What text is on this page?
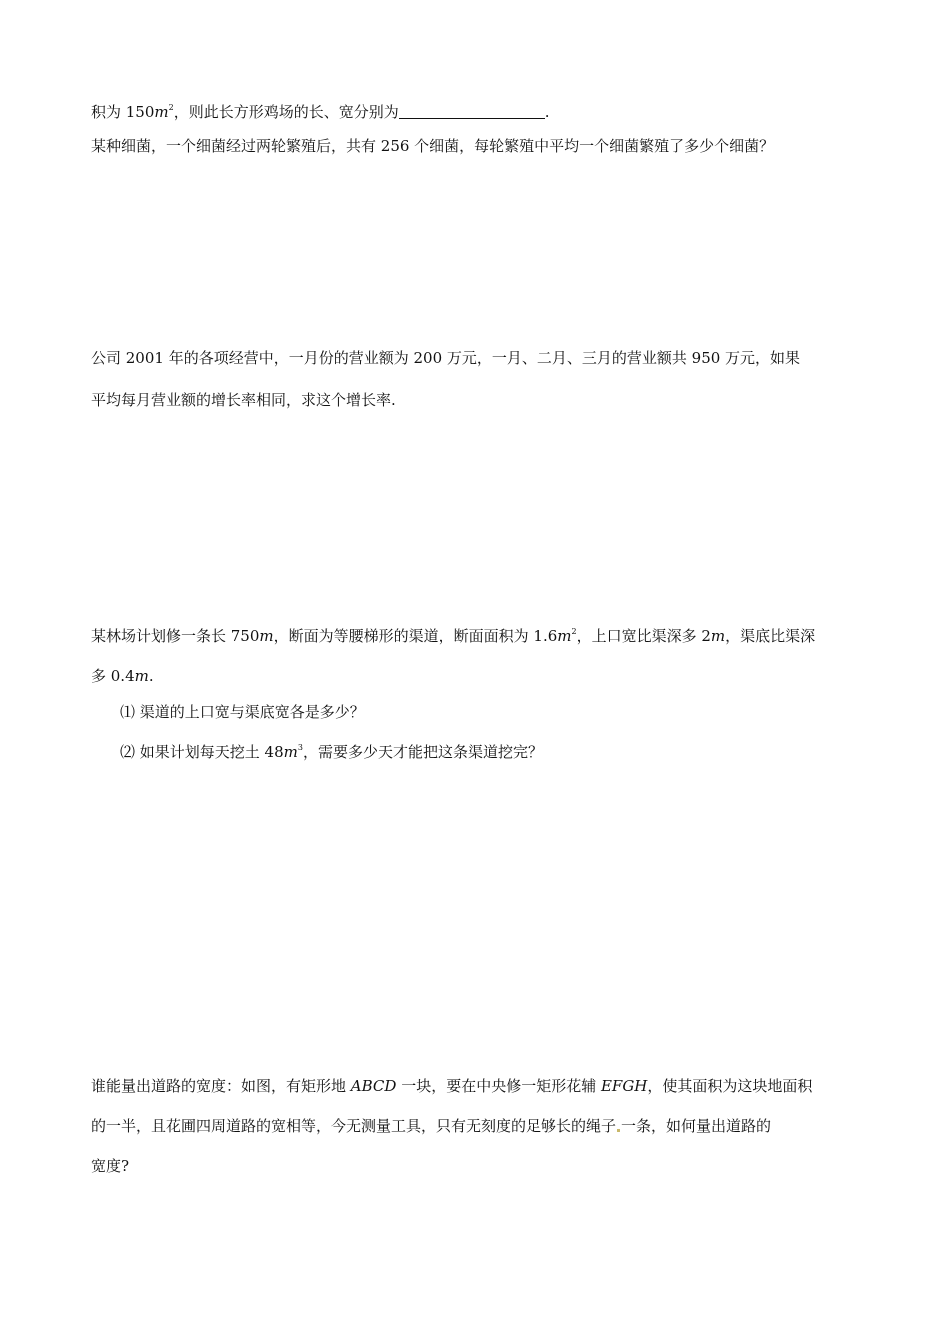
积为 $150m^2$，则此长方形鸡场的长、宽分别为	.
某种细菌，一个细菌经过两轮繁殖后，共有 256 个细菌，每轮繁殖中平均一个细菌繁殖了多少个细菌？
公司 2001 年的各项经营中，一月份的营业额为 200 万元，一月、二月、三月的营业额共 950 万元，如果
平均每月营业额的增长率相同，求这个增长率.
某林场计划修一条长 750m，断面为等腰梯形的渠道，断面面积为 $1.6m^2$，上口宽比渠深多 2m，渠底比渠深
多 0.4m.
⑴ 渠道的上口宽与渠底宽各是多少？
⑵ 如果计划每天挖土 $48m^3$，需要多少天才能把这条渠道挖完？
谁能量出道路的宽度：如图，有矩形地 ABCD 一块，要在中央修一矩形花辅 EFGH，使其面积为这块地面积
的一半，且花圃四周道路的宽相等，今无测量工具，只有无刻度的足够长的绳子 一条，如何量出道路的
宽度?
